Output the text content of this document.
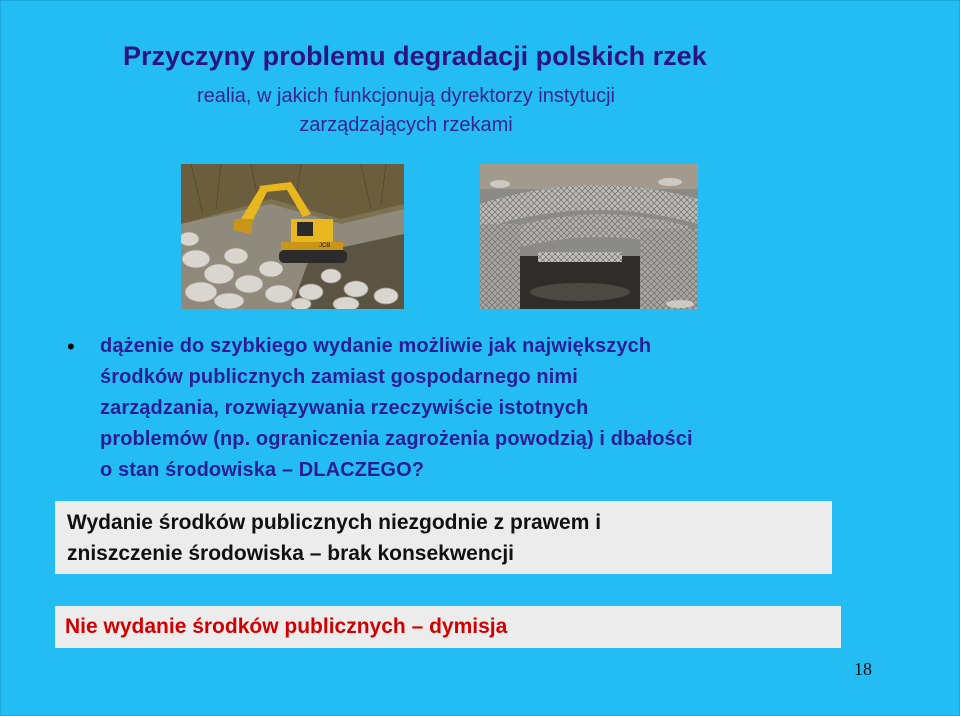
Przyczyny problemu degradacji polskich rzek
realia, w jakich funkcjonują dyrektorzy instytucji
zarządzających rzekami
JCB
• dążenie do szybkiego wydanie możliwie jak największych
środków publicznych zamiast gospodarnego nimi
zarządzania, rozwiązywania rzeczywiście istotnych
problemów (np. ograniczenia zagrożenia powodzią) i dbałości
o stan środowiska – DLACZEGO?
Wydanie środków publicznych niezgodnie z prawem i
zniszczenie środowiska – brak konsekwencji
Nie wydanie środków publicznych – dymisja
18
